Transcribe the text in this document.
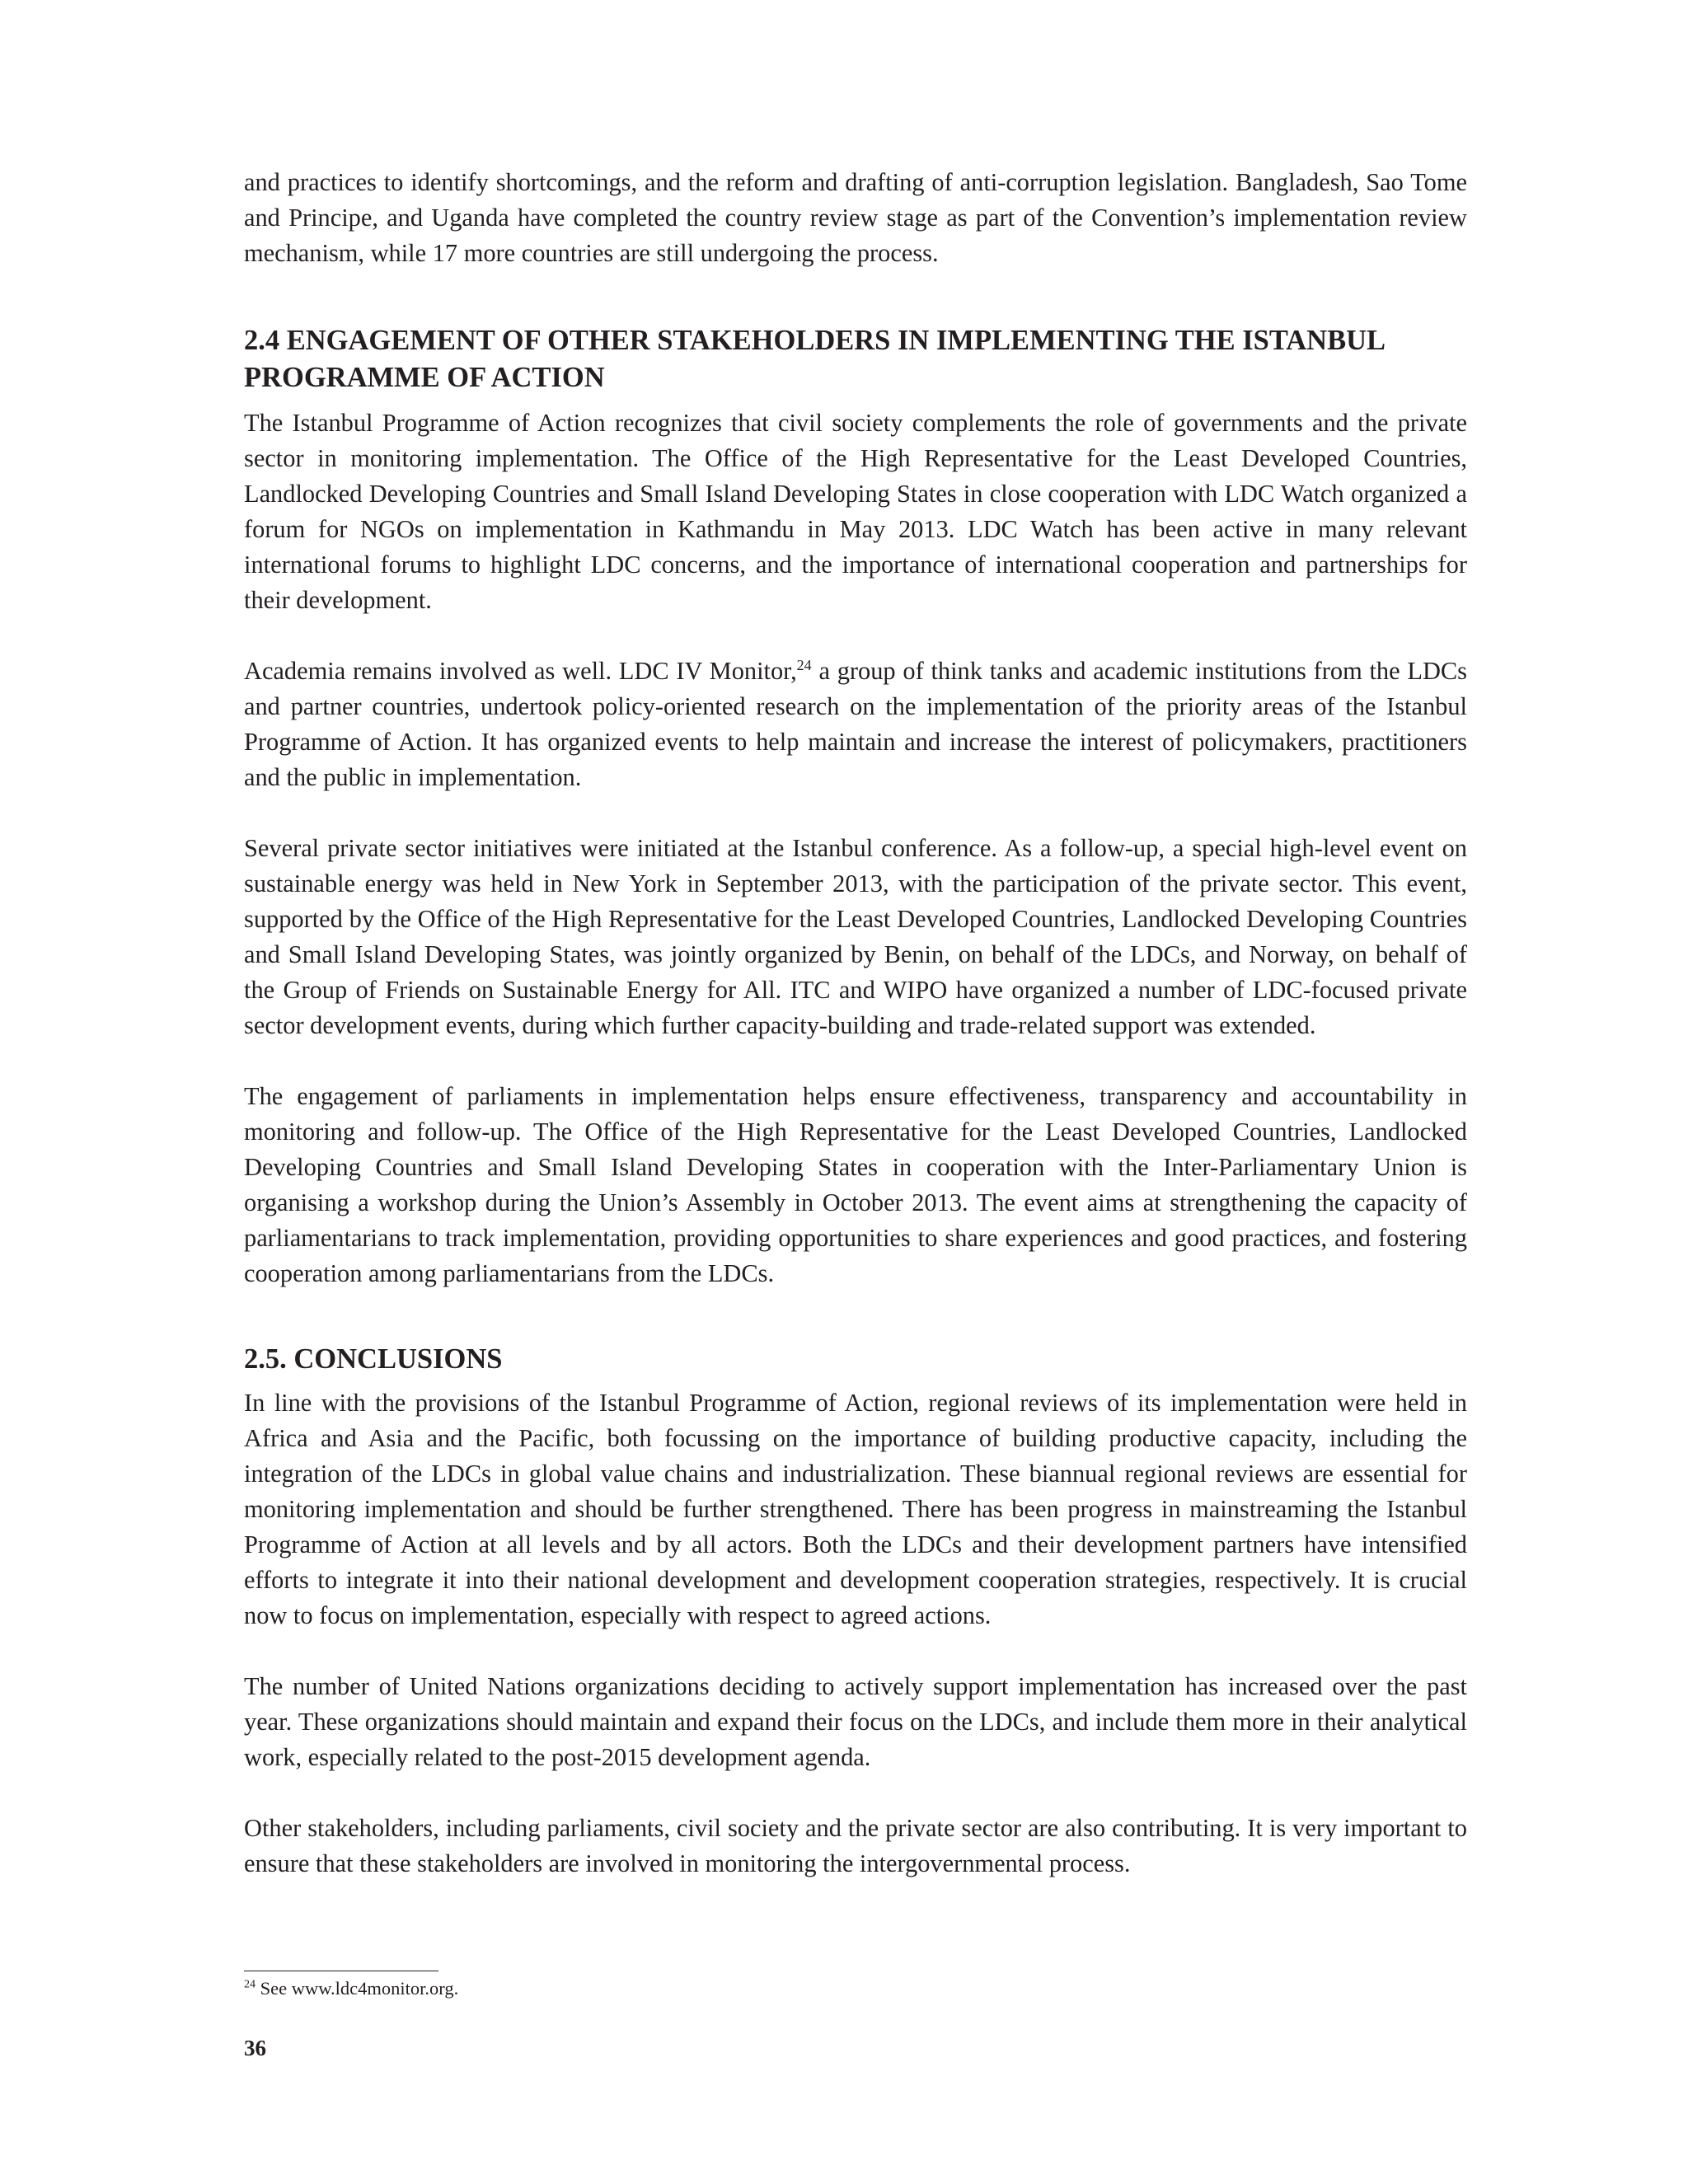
and practices to identify shortcomings, and the reform and drafting of anti-corruption legislation. Bangladesh, Sao Tome and Principe, and Uganda have completed the country review stage as part of the Convention’s implementation review mechanism, while 17 more countries are still undergoing the process.

2.4 ENGAGEMENT OF OTHER STAKEHOLDERS IN IMPLEMENTING THE ISTANBUL
PROGRAMME OF ACTION

The Istanbul Programme of Action recognizes that civil society complements the role of governments and the private sector in monitoring implementation. The Office of the High Representative for the Least Developed Countries, Landlocked Developing Countries and Small Island Developing States in close cooperation with LDC Watch organized a forum for NGOs on implementation in Kathmandu in May 2013. LDC Watch has been active in many relevant international forums to highlight LDC concerns, and the importance of international cooperation and partnerships for their development.

Academia remains involved as well. LDC IV Monitor,$^{24}$ a group of think tanks and academic institutions from the LDCs and partner countries, undertook policy-oriented research on the implementation of the priority areas of the Istanbul Programme of Action. It has organized events to help maintain and increase the interest of policymakers, practitioners and the public in implementation.

Several private sector initiatives were initiated at the Istanbul conference. As a follow-up, a special high-level event on sustainable energy was held in New York in September 2013, with the participation of the private sector. This event, supported by the Office of the High Representative for the Least Developed Countries, Landlocked Developing Countries and Small Island Developing States, was jointly organized by Benin, on behalf of the LDCs, and Norway, on behalf of the Group of Friends on Sustainable Energy for All. ITC and WIPO have organized a number of LDC-focused private sector development events, during which further capacity-building and trade-related support was extended.

The engagement of parliaments in implementation helps ensure effectiveness, transparency and accountability in monitoring and follow-up. The Office of the High Representative for the Least Developed Countries, Landlocked Developing Countries and Small Island Developing States in cooperation with the Inter-Parliamentary Union is organising a workshop during the Union’s Assembly in October 2013. The event aims at strengthening the capacity of parliamentarians to track implementation, providing opportunities to share experiences and good practices, and fostering cooperation among parliamentarians from the LDCs.

2.5. CONCLUSIONS

In line with the provisions of the Istanbul Programme of Action, regional reviews of its implementation were held in Africa and Asia and the Pacific, both focussing on the importance of building productive capacity, including the integration of the LDCs in global value chains and industrialization. These biannual regional reviews are essential for monitoring implementation and should be further strengthened. There has been progress in mainstreaming the Istanbul Programme of Action at all levels and by all actors. Both the LDCs and their development partners have intensified efforts to integrate it into their national development and development cooperation strategies, respectively. It is crucial now to focus on implementation, especially with respect to agreed actions.

The number of United Nations organizations deciding to actively support implementation has increased over the past year. These organizations should maintain and expand their focus on the LDCs, and include them more in their analytical work, especially related to the post-2015 development agenda.

Other stakeholders, including parliaments, civil society and the private sector are also contributing. It is very important to ensure that these stakeholders are involved in monitoring the intergovernmental process.

$^{24}$ See www.ldc4monitor.org.
36
